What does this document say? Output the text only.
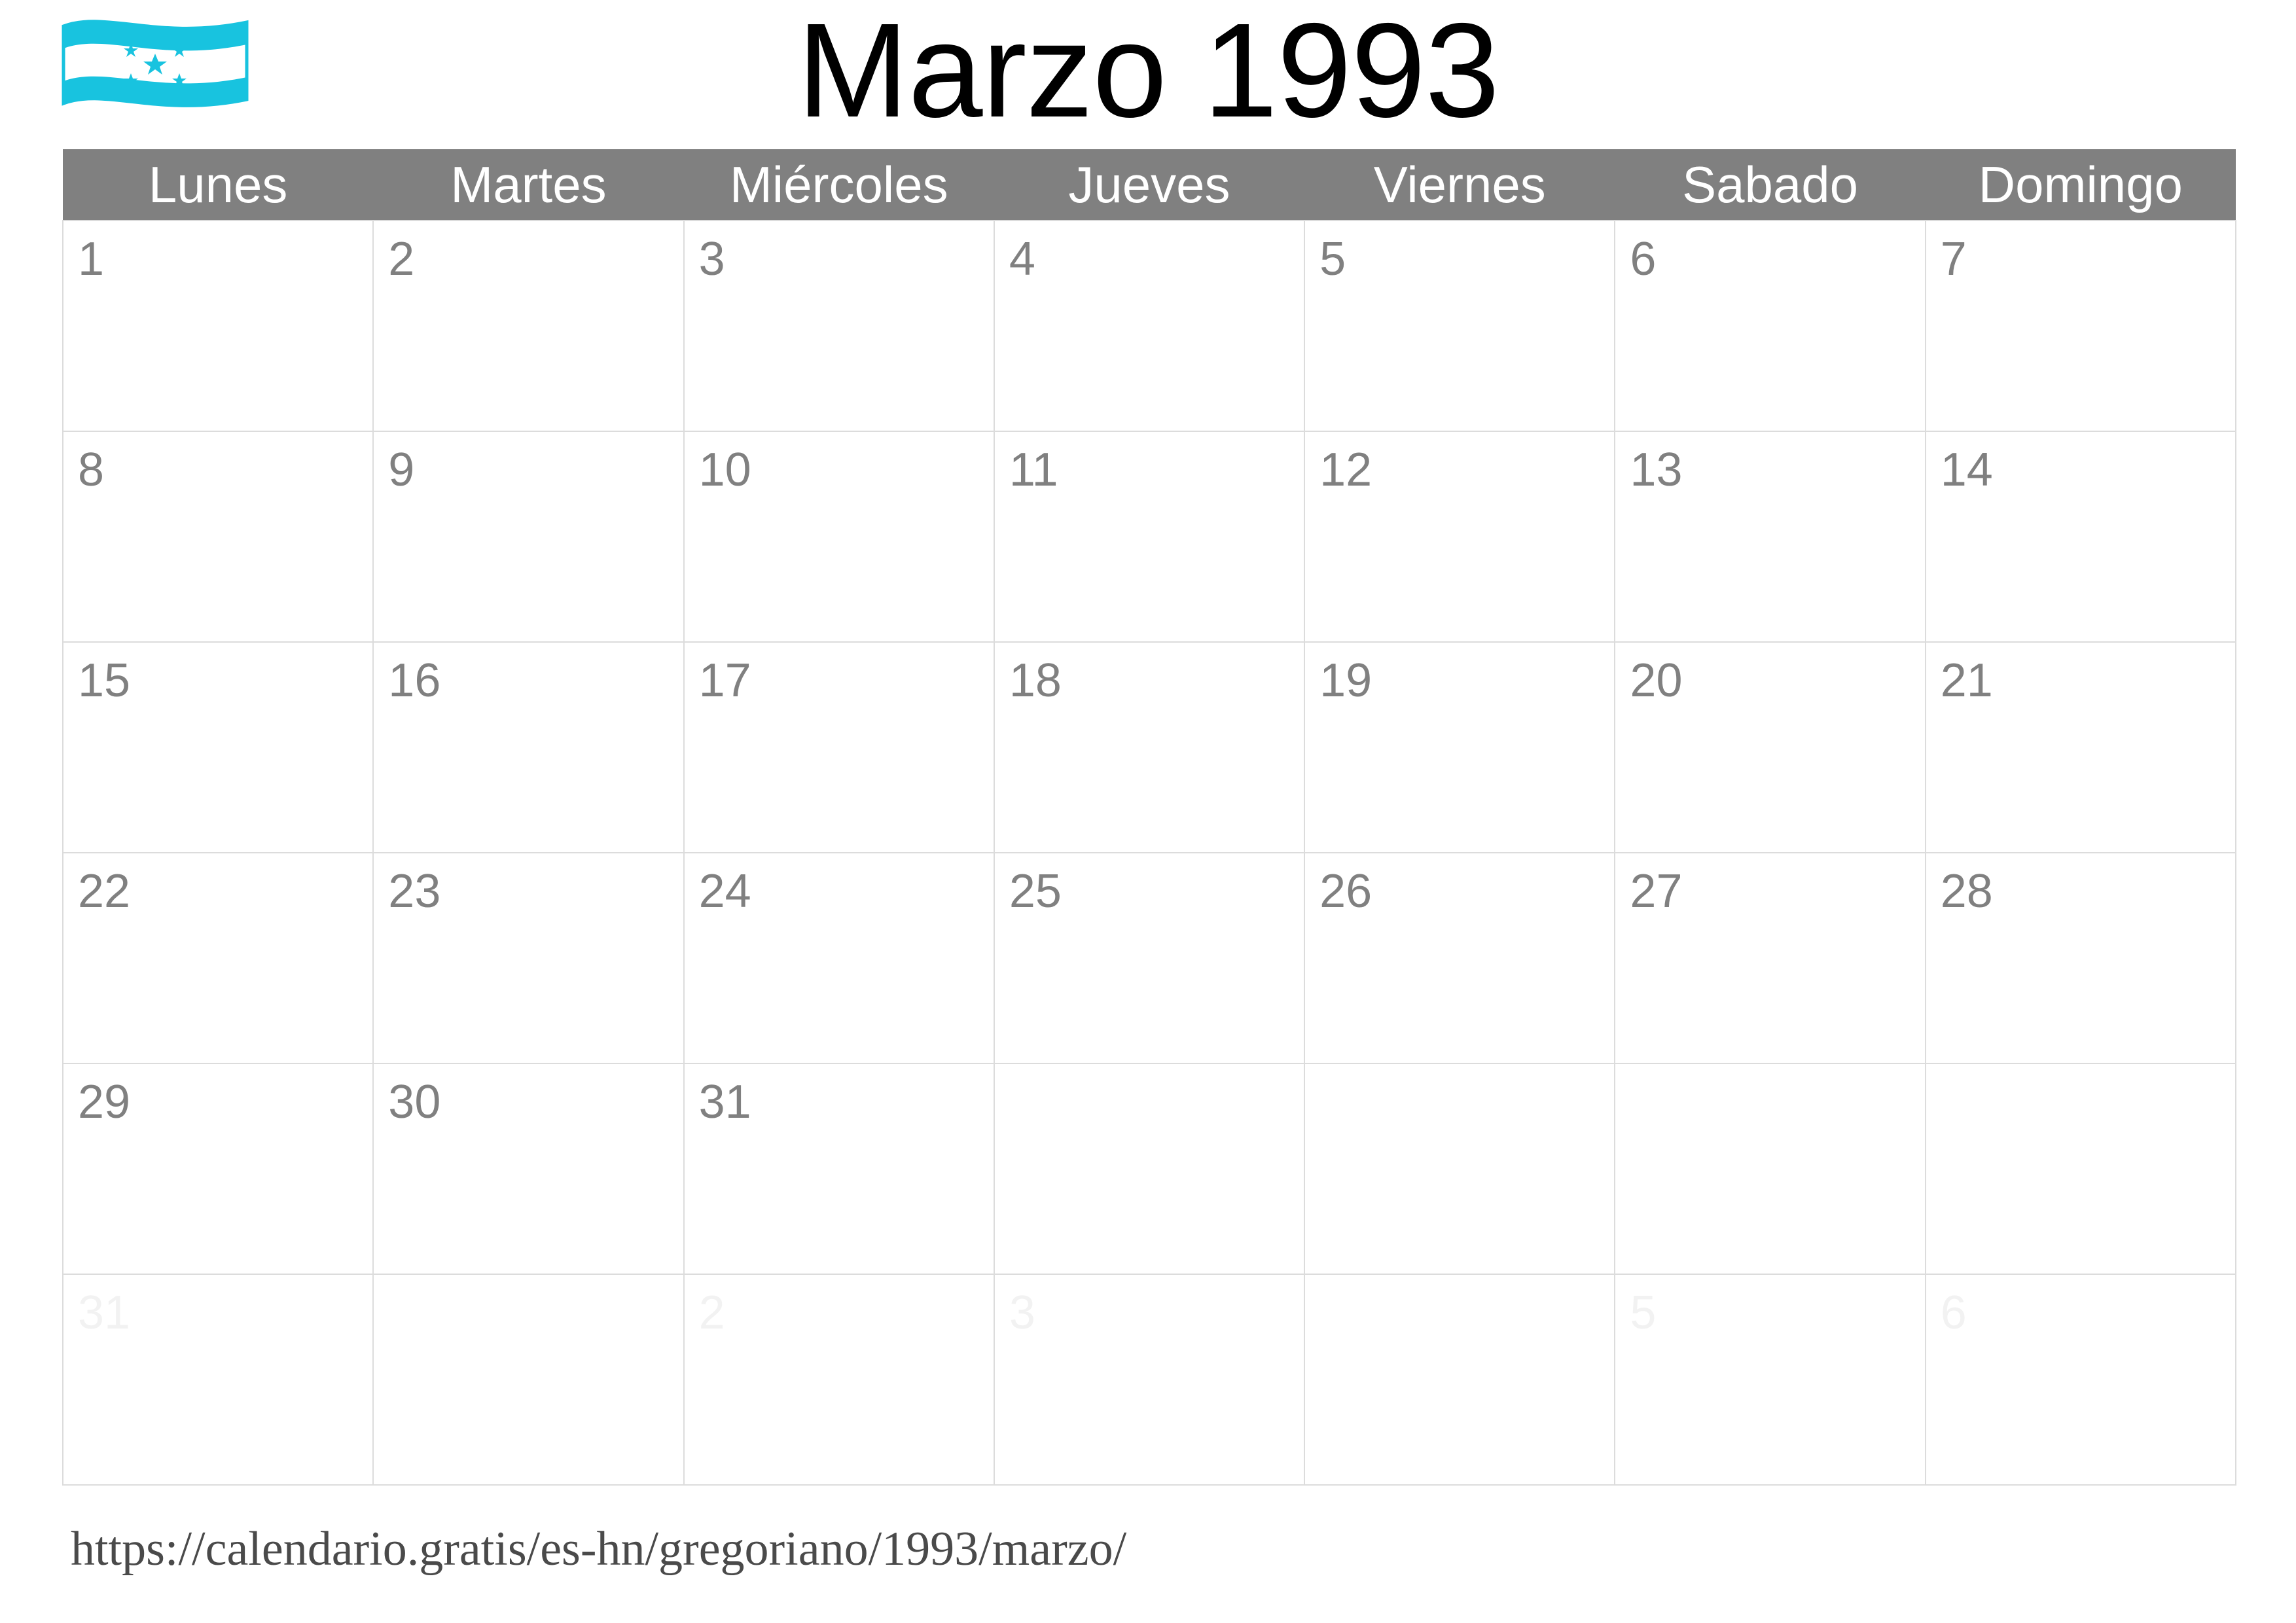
Marzo 1993
Lunes	Martes	Miércoles	Jueves	Viernes	Sabado	Domingo

1	2	3	4	5	6	7

8	9	10	11	12	13	14

15	16	17	18	19	20	21

22	23	24	25	26	27	28

29	30	31				

31		2	3		5	6
https://calendario.gratis/es-hn/gregoriano/1993/marzo/
